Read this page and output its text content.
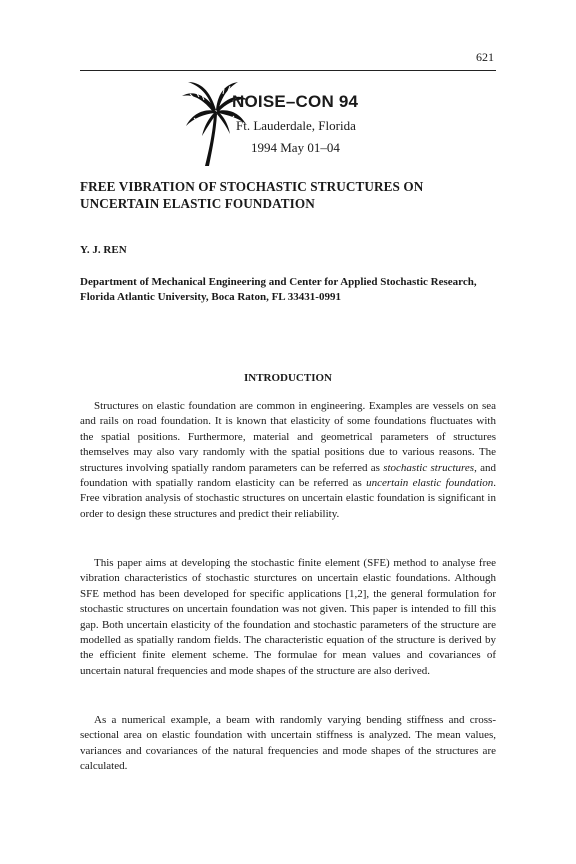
621
NOISE–CON 94
Ft. Lauderdale, Florida
1994 May 01–04
FREE VIBRATION OF STOCHASTIC STRUCTURES ON UNCERTAIN ELASTIC FOUNDATION

Y. J. REN

Department of Mechanical Engineering and Center for Applied Stochastic Research, Florida Atlantic University, Boca Raton, FL 33431-0991

INTRODUCTION

Structures on elastic foundation are common in engineering. Examples are vessels on sea and rails on road foundation. It is known that elasticity of some foundations fluctuates with the spatial positions. Furthermore, material and geometrical parameters of structures themselves may also vary randomly with the spatial positions due to various reasons. The structures involving spatially random parameters can be referred as stochastic structures, and foundation with spatially random elasticity can be referred as uncertain elastic foundation. Free vibration analysis of stochastic structures on uncertain elastic foundation is significant in order to design these structures and predict their reliability.

This paper aims at developing the stochastic finite element (SFE) method to analyse free vibration characteristics of stochastic sturctures on uncertain elastic foundations. Although SFE method has been developed for specific applications [1,2], the general formulation for stochastic structures on uncertain foundation was not given. This paper is intended to fill this gap. Both uncertain elasticity of the foundation and stochastic parameters of the structure are modelled as spatially random fields. The characteristic equation of the structure is derived by the efficient finite element scheme. The formulae for mean values and covariances of uncertain natural frequencies and mode shapes of the structure are also derived.

As a numerical example, a beam with randomly varying bending stiffness and cross-sectional area on elastic foundation with uncertain stiffness is analyzed. The mean values, variances and covariances of the natural frequencies and mode shapes of the structures are calculated.
